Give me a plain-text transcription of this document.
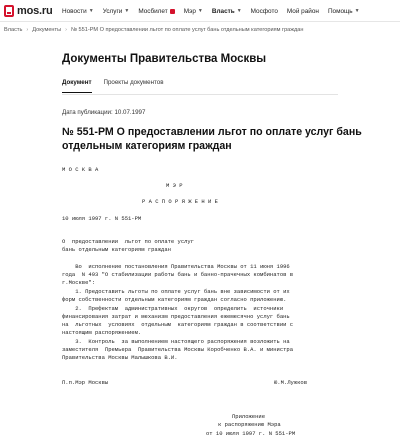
mos.ru Новости ▼ Услуги ▼ Мосбилет	Мэр ▼ Власть ▼ Мосфото Мой район Помощь ▼
Власть › Документы › № 551-РМ О предоставлении льгот по оплате услуг бань отдельным категориям граждан
Документы Правительства Москвы
Документ Проекты документов
Дата публикации: 10.07.1997
№ 551-РМ О предоставлении льгот по оплате услуг бань отдельным категориям граждан
М О С К В А
М Э Р
Р А С П О Р Я Ж Е Н И Е
10 июля 1997 г. N 551-РМ
О  предоставлении  льгот по оплате услуг
бань отдельным категориям граждан
Во  исполнение постановления Правительства Москвы от 11 июня 1996
года  N 493 "О стабилизации работы бань и банно-прачечных комбинатов в
г.Москве":
1. Предоставить льготы по оплате услуг бань вне зависимости от их
форм собственности отдельным категориям граждан согласно приложению.
2.  Префектам  административных  округов  определить  источники
финансирования затрат и механизм предоставления ежемесячно услуг бань
на  льготных  условиях  отдельным  категориям граждан в соответствии с
настоящим распоряжением.
3.  Контроль  за выполнением настоящего распоряжения возложить на
заместителя  Премьера  Правительства Москвы Коробченко В.А. и министра
Правительства Москвы Малышкова В.И.
П.п.Мэр Москвы	Ю.М.Лужков
Приложение
к распоряжению Мэра
от 10 июля 1997 г. N 551-РМ
